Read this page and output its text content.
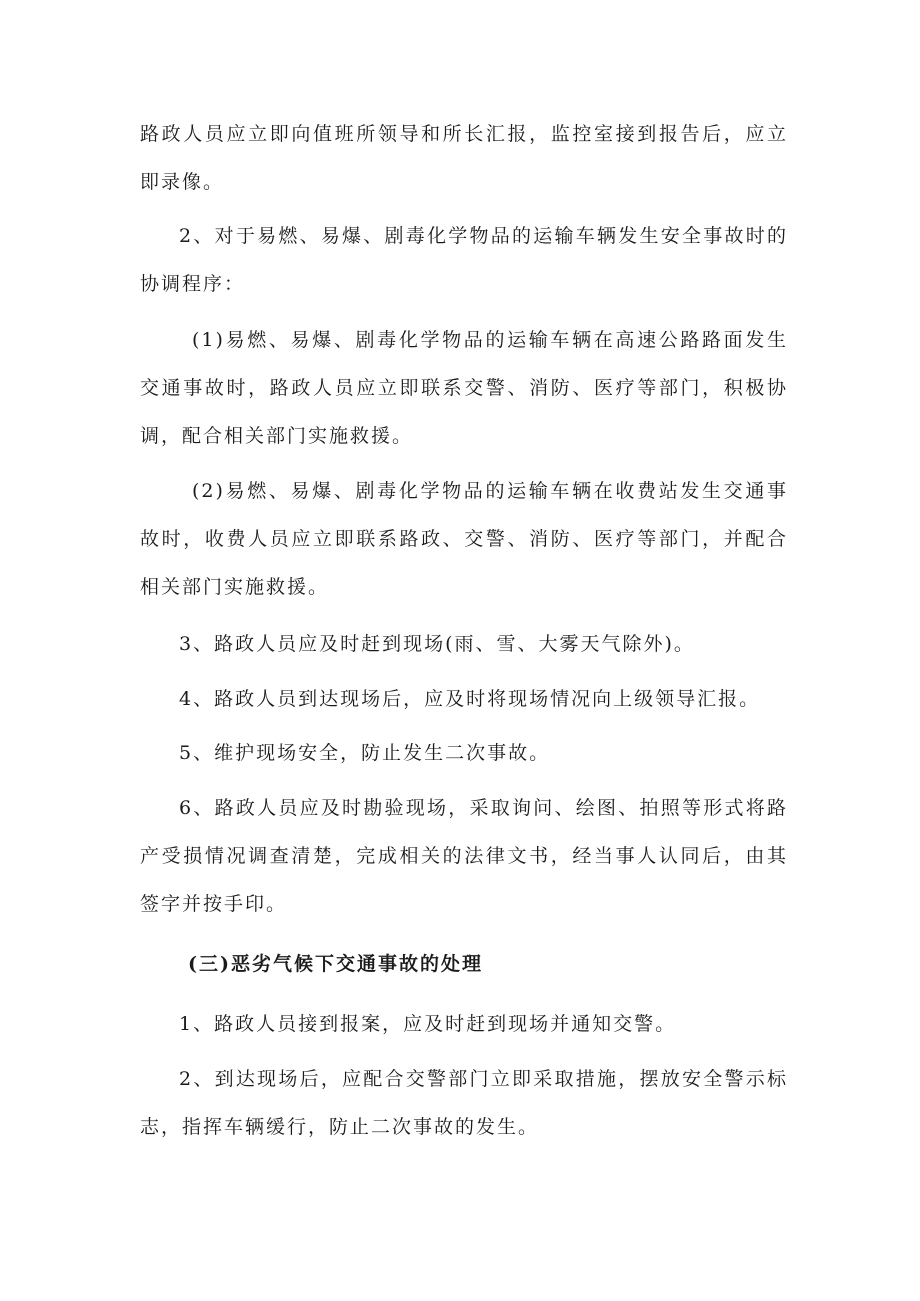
路政人员应立即向值班所领导和所长汇报，监控室接到报告后，应立即录像。

2、对于易燃、易爆、剧毒化学物品的运输车辆发生安全事故时的协调程序：

(1)易燃、易爆、剧毒化学物品的运输车辆在高速公路路面发生交通事故时，路政人员应立即联系交警、消防、医疗等部门，积极协调，配合相关部门实施救援。

(2)易燃、易爆、剧毒化学物品的运输车辆在收费站发生交通事故时，收费人员应立即联系路政、交警、消防、医疗等部门，并配合相关部门实施救援。

3、路政人员应及时赶到现场(雨、雪、大雾天气除外)。

4、路政人员到达现场后，应及时将现场情况向上级领导汇报。

5、维护现场安全，防止发生二次事故。

6、路政人员应及时勘验现场，采取询问、绘图、拍照等形式将路产受损情况调查清楚，完成相关的法律文书，经当事人认同后，由其签字并按手印。

(三)恶劣气候下交通事故的处理

1、路政人员接到报案，应及时赶到现场并通知交警。

2、到达现场后，应配合交警部门立即采取措施，摆放安全警示标志，指挥车辆缓行，防止二次事故的发生。
